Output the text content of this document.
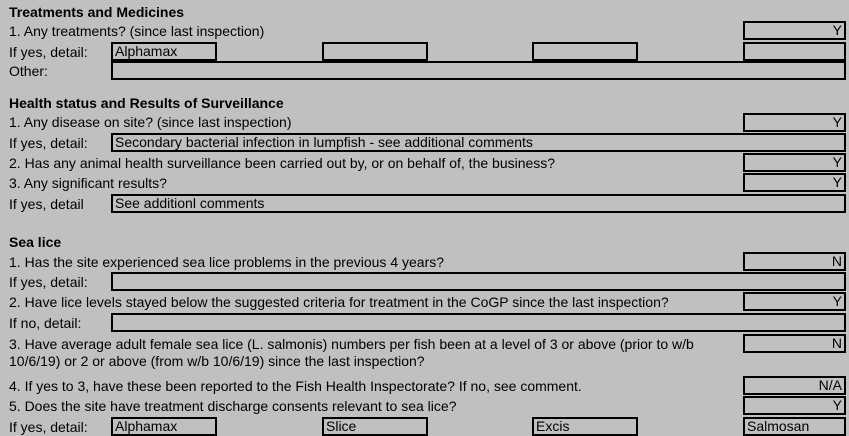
Treatments and Medicines
1. Any treatments? (since last inspection)	Y
If yes, detail: Alphamax
Other:
Health status and Results of Surveillance
1. Any disease on site? (since last inspection)	Y
If yes, detail: Secondary bacterial infection in lumpfish - see additional comments
2. Has any animal health surveillance been carried out by, or on behalf of, the business?	Y
3. Any significant results?	Y
If yes, detail See additionl comments
Sea lice
1. Has the site experienced sea lice problems in the previous 4 years?	N
If yes, detail:
2. Have lice levels stayed below the suggested criteria for treatment in the CoGP since the last inspection?	Y
If no, detail:
3. Have average adult female sea lice (L. salmonis) numbers per fish been at a level of 3 or above (prior to w/b
10/6/19) or 2 or above (from w/b 10/6/19) since the last inspection?
N
4. If yes to 3, have these been reported to the Fish Health Inspectorate? If no, see comment.	N/A
5. Does the site have treatment discharge consents relevant to sea lice?	Y
If yes, detail: Alphamax	Slice	Excis	Salmosan
